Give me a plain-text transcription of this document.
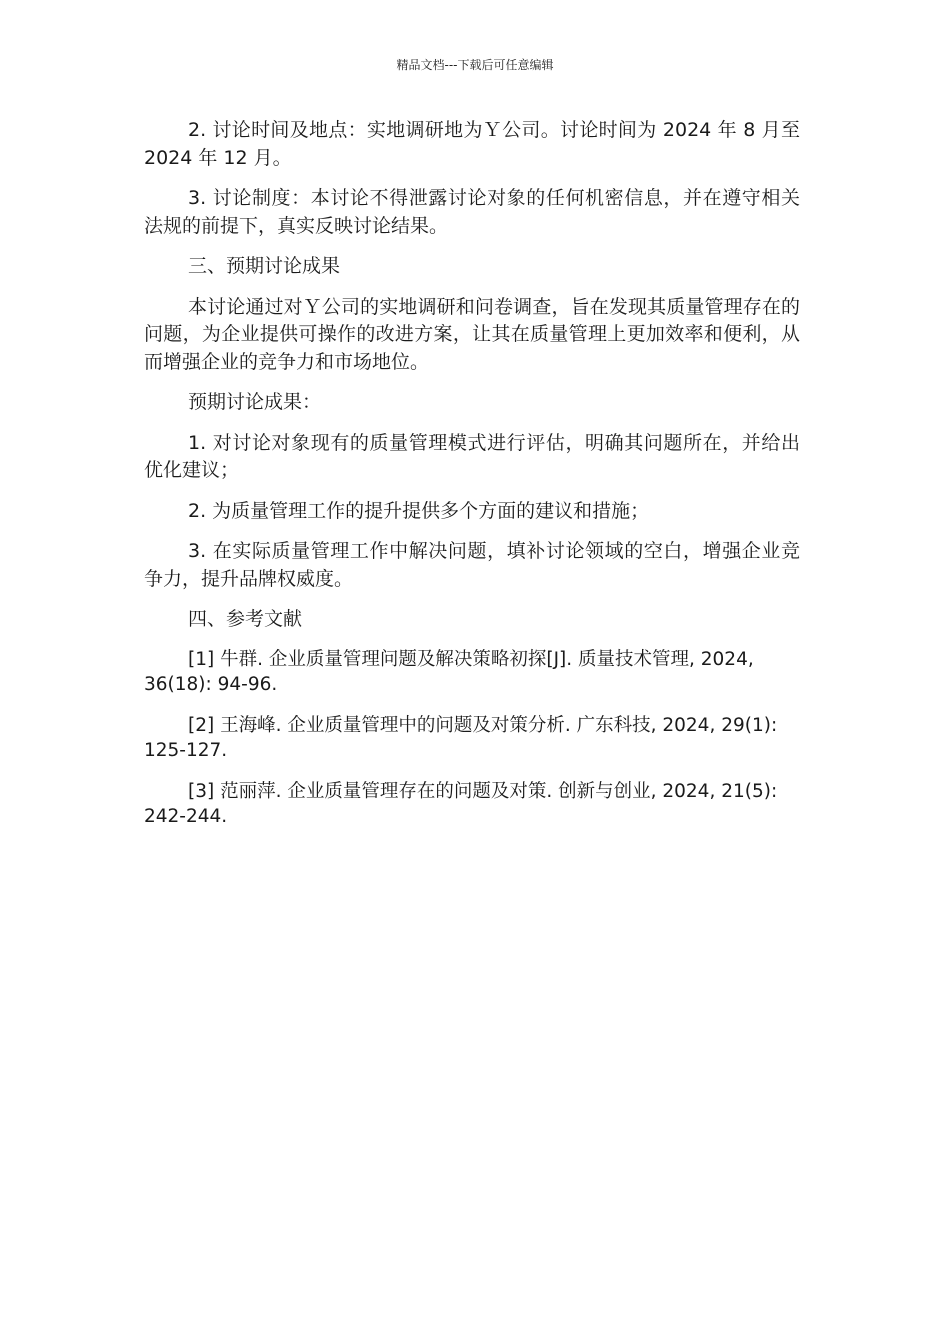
精品文档---下载后可任意编辑

2. 讨论时间及地点：实地调研地为Ｙ公司。讨论时间为 2024 年 8 月至 2024 年 12 月。

3. 讨论制度：本讨论不得泄露讨论对象的任何机密信息，并在遵守相关法规的前提下，真实反映讨论结果。

三、预期讨论成果

本讨论通过对Ｙ公司的实地调研和问卷调查，旨在发现其质量管理存在的问题，为企业提供可操作的改进方案，让其在质量管理上更加效率和便利，从而增强企业的竞争力和市场地位。

预期讨论成果：

1. 对讨论对象现有的质量管理模式进行评估，明确其问题所在，并给出优化建议；

2. 为质量管理工作的提升提供多个方面的建议和措施；

3. 在实际质量管理工作中解决问题，填补讨论领域的空白，增强企业竞争力，提升品牌权威度。

四、参考文献

[1] 牛群. 企业质量管理问题及解决策略初探[J]. 质量技术管理, 2024, 36(18): 94-96.

[2] 王海峰. 企业质量管理中的问题及对策分析. 广东科技, 2024, 29(1): 125-127.

[3] 范丽萍. 企业质量管理存在的问题及对策. 创新与创业, 2024, 21(5): 242-244.
